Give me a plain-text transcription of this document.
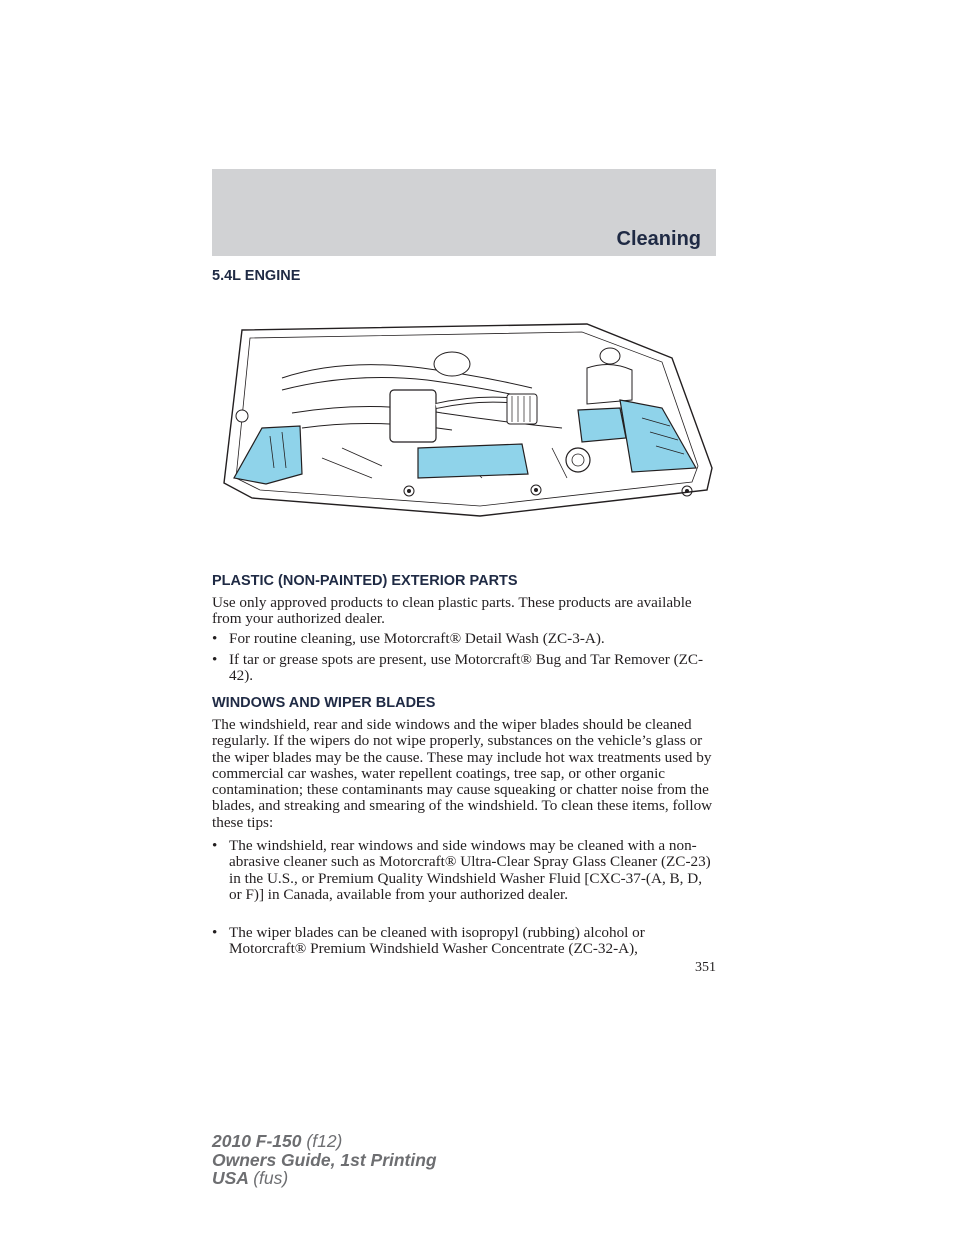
Cleaning
5.4L ENGINE
PLASTIC (NON-PAINTED) EXTERIOR PARTS

Use only approved products to clean plastic parts. These products are available from your authorized dealer.

• For routine cleaning, use Motorcraft® Detail Wash (ZC-3-A).

• If tar or grease spots are present, use Motorcraft® Bug and Tar Remover (ZC-42).

WINDOWS AND WIPER BLADES

The windshield, rear and side windows and the wiper blades should be cleaned regularly. If the wipers do not wipe properly, substances on the vehicle’s glass or the wiper blades may be the cause. These may include hot wax treatments used by commercial car washes, water repellent coatings, tree sap, or other organic contamination; these contaminants may cause squeaking or chatter noise from the blades, and streaking and smearing of the windshield. To clean these items, follow these tips:

• The windshield, rear windows and side windows may be cleaned with a non-abrasive cleaner such as Motorcraft® Ultra-Clear Spray Glass Cleaner (ZC-23) in the U.S., or Premium Quality Windshield Washer Fluid [CXC-37-(A, B, D, or F)] in Canada, available from your authorized dealer.

• The wiper blades can be cleaned with isopropyl (rubbing) alcohol or Motorcraft® Premium Windshield Washer Concentrate (ZC-32-A),

351
2010 F-150 (f12)
Owners Guide, 1st Printing
USA (fus)
